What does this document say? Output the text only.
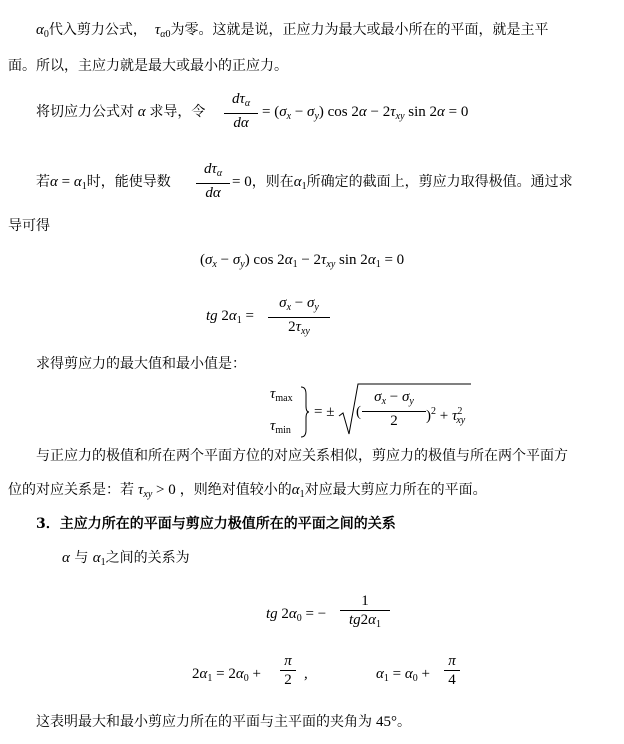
$\alpha_0$代入剪力公式， $\tau_{\alpha 0}$为零。这就是说，正应力为最大或最小所在的平面，就是主平
面。所以，主应力就是最大或最小的正应力。
将切应力公式对 α 求导，令
$d\tau_\alpha$
dα
= $(\sigma_x - \sigma_y)$ $\cos 2\alpha - 2\tau_{xy}$ sin 2α = 0
若$\alpha = \alpha_1$时，能使导数
$d\tau_\alpha$
dα
= 0，则在$\alpha_1$所确定的截面上，剪应力取得极值。通过求
导可得
$(\sigma_x - \sigma_y)$ $\cos 2\alpha_1 - 2\tau_{xy}$ $\sin 2\alpha_1 = 0$
tg $2\alpha_1$ =
$\sigma_x - \sigma_y$
$2\tau_{xy}$
求得剪应力的最大值和最小值是：
$\tau_{max}$
$\tau_{min}$
= ± (
$\sigma_x - \sigma_y$
2	)$^2 + \tau^2_{xy}$
与正应力的极值和所在两个平面方位的对应关系相似，剪应力的极值与所在两个平面方
位的对应关系是：若 $\tau_{xy} > 0$ ，则绝对值较小的$\alpha_1$对应最大剪应力所在的平面。
3．主应力所在的平面与剪应力极值所在的平面之间的关系
α 与 $\alpha_1$之间的关系为
tg $2\alpha_0$ = −
1
$tg2\alpha_1$
$2\alpha_1 = 2\alpha_0$ +
π
2 ,	$\alpha_1 = \alpha_0$ +
π
4
这表明最大和最小剪应力所在的平面与主平面的夹角为 45°。
